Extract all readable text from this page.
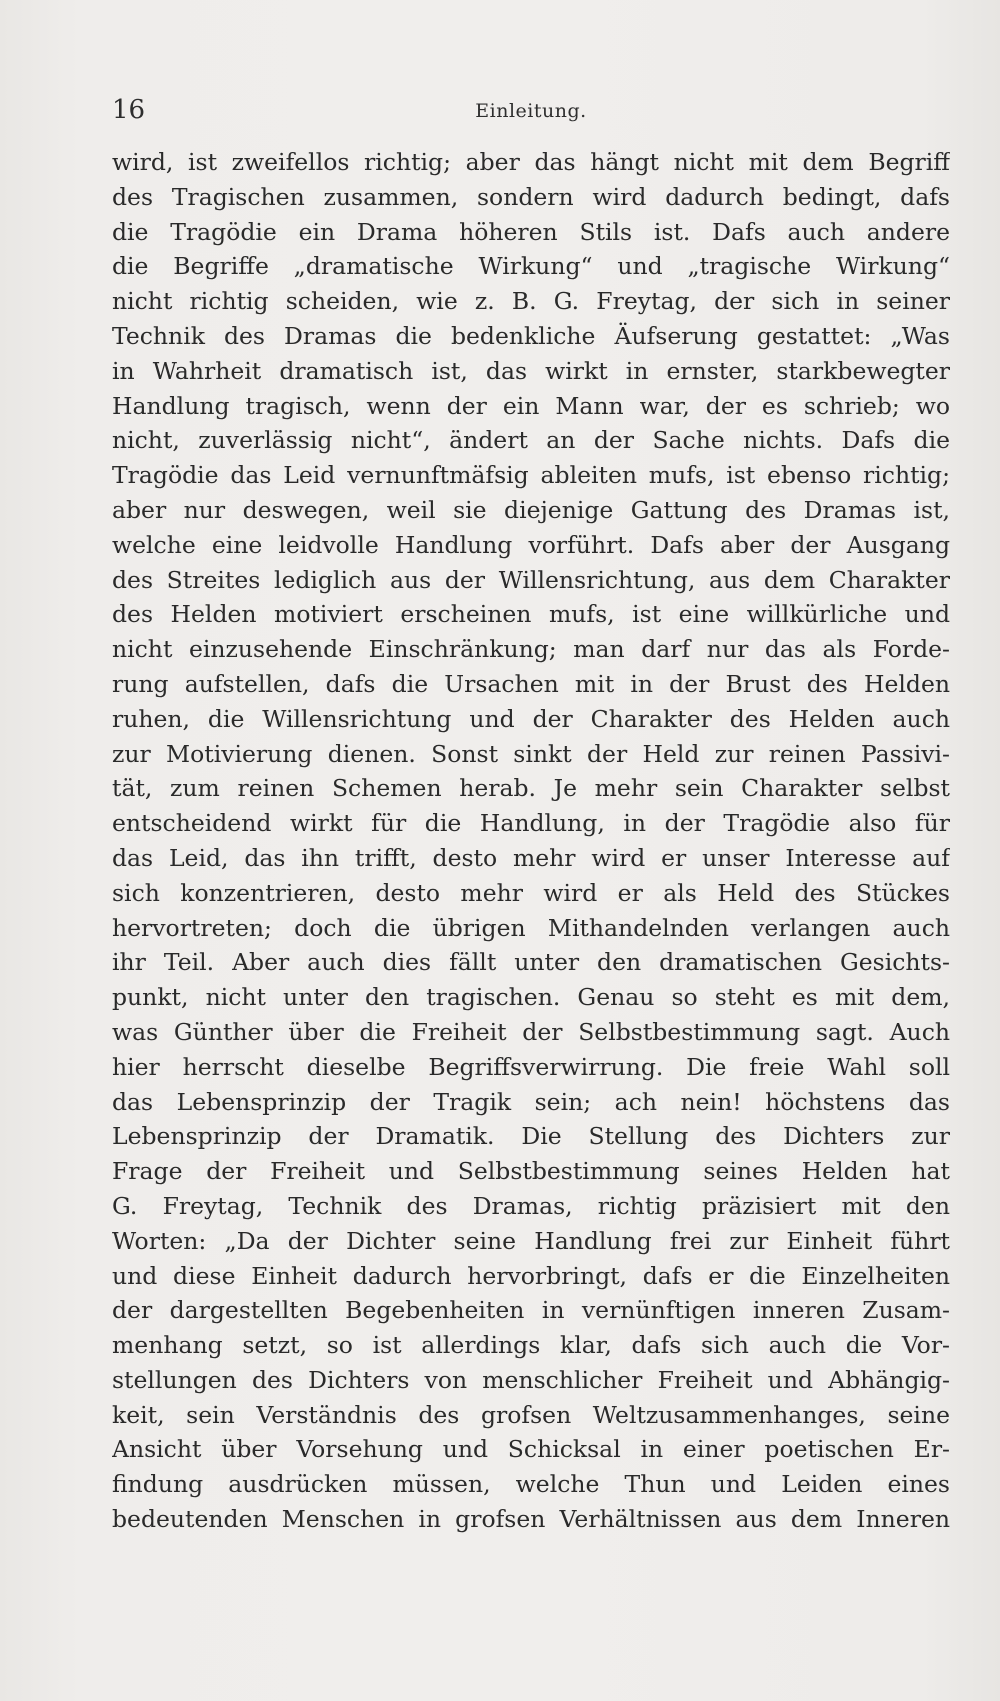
16	Einleitung.
wird, ist zweifellos richtig; aber das hängt nicht mit dem Begriff
des Tragischen zusammen, sondern wird dadurch bedingt, dafs
die Tragödie ein Drama höheren Stils ist. Dafs auch andere
die Begriffe „dramatische Wirkung“ und „tragische Wirkung“
nicht richtig scheiden, wie z. B. G. Freytag, der sich in seiner
Technik des Dramas die bedenkliche Äufserung gestattet: „Was
in Wahrheit dramatisch ist, das wirkt in ernster, starkbewegter
Handlung tragisch, wenn der ein Mann war, der es schrieb; wo
nicht, zuverlässig nicht“, ändert an der Sache nichts. Dafs die
Tragödie das Leid vernunftmäfsig ableiten mufs, ist ebenso richtig;
aber nur deswegen, weil sie diejenige Gattung des Dramas ist,
welche eine leidvolle Handlung vorführt. Dafs aber der Ausgang
des Streites lediglich aus der Willensrichtung, aus dem Charakter
des Helden motiviert erscheinen mufs, ist eine willkürliche und
nicht einzusehende Einschränkung; man darf nur das als Forde-
rung aufstellen, dafs die Ursachen mit in der Brust des Helden
ruhen, die Willensrichtung und der Charakter des Helden auch
zur Motivierung dienen. Sonst sinkt der Held zur reinen Passivi-
tät, zum reinen Schemen herab. Je mehr sein Charakter selbst
entscheidend wirkt für die Handlung, in der Tragödie also für
das Leid, das ihn trifft, desto mehr wird er unser Interesse auf
sich konzentrieren, desto mehr wird er als Held des Stückes
hervortreten; doch die übrigen Mithandelnden verlangen auch
ihr Teil. Aber auch dies fällt unter den dramatischen Gesichts-
punkt, nicht unter den tragischen. Genau so steht es mit dem,
was Günther über die Freiheit der Selbstbestimmung sagt. Auch
hier herrscht dieselbe Begriffsverwirrung. Die freie Wahl soll
das Lebensprinzip der Tragik sein; ach nein! höchstens das
Lebensprinzip der Dramatik. Die Stellung des Dichters zur
Frage der Freiheit und Selbstbestimmung seines Helden hat
G. Freytag, Technik des Dramas, richtig präzisiert mit den
Worten: „Da der Dichter seine Handlung frei zur Einheit führt
und diese Einheit dadurch hervorbringt, dafs er die Einzelheiten
der dargestellten Begebenheiten in vernünftigen inneren Zusam-
menhang setzt, so ist allerdings klar, dafs sich auch die Vor-
stellungen des Dichters von menschlicher Freiheit und Abhängig-
keit, sein Verständnis des grofsen Weltzusammenhanges, seine
Ansicht über Vorsehung und Schicksal in einer poetischen Er-
findung ausdrücken müssen, welche Thun und Leiden eines
bedeutenden Menschen in grofsen Verhältnissen aus dem Inneren
